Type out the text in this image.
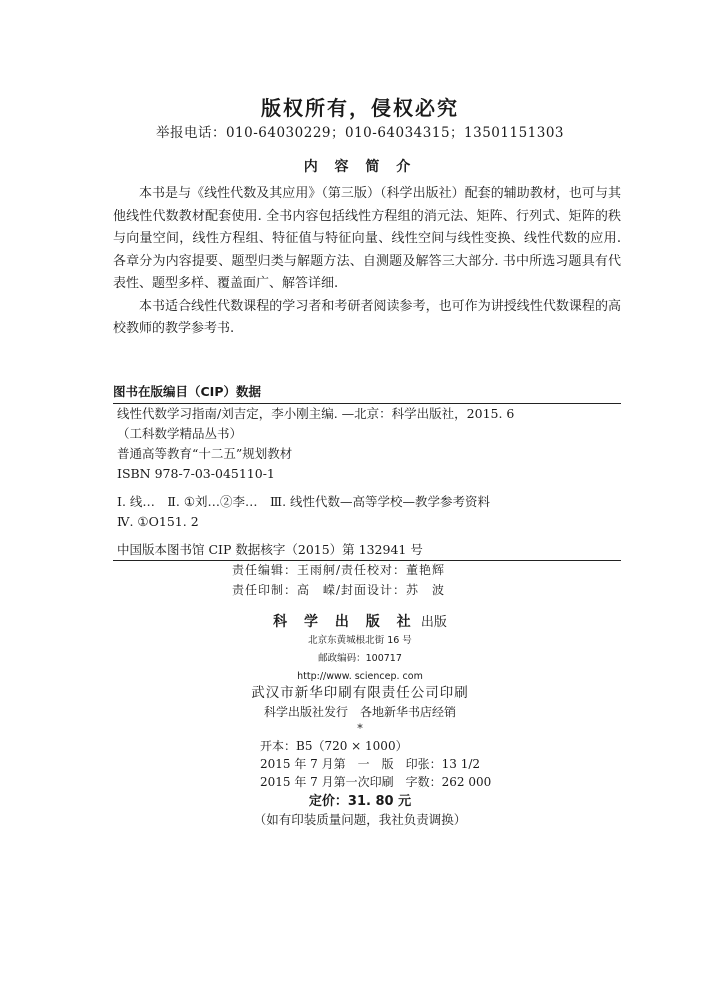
版权所有，侵权必究
举报电话：010-64030229；010-64034315；13501151303
内 容 简 介

本书是与《线性代数及其应用》（第三版）（科学出版社）配套的辅助教材，也可与其他线性代数教材配套使用. 全书内容包括线性方程组的消元法、矩阵、行列式、矩阵的秩与向量空间，线性方程组、特征值与特征向量、线性空间与线性变换、线性代数的应用. 各章分为内容提要、题型归类与解题方法、自测题及解答三大部分. 书中所选习题具有代表性、题型多样、覆盖面广、解答详细.

本书适合线性代数课程的学习者和考研者阅读参考，也可作为讲授线性代数课程的高校教师的教学参考书.

图书在版编目（CIP）数据
线性代数学习指南/刘吉定，李小刚主编. —北京：科学出版社，2015. 6
（工科数学精品丛书）
普通高等教育“十二五”规划教材
ISBN 978-7-03-045110-1
Ⅰ. 线…　Ⅱ. ①刘…②李…　Ⅲ. 线性代数—高等学校—教学参考资料
Ⅳ. ①O151. 2
中国版本图书馆 CIP 数据核字（2015）第 132941 号
责任编辑：王雨舸/责任校对：董艳辉
责任印制：高　嵘/封面设计：苏　波
科 学 出 版 社 出版
北京东黄城根北街 16 号
邮政编码：100717
http://www. sciencep. com
武汉市新华印刷有限责任公司印刷
科学出版社发行　各地新华书店经销
*
开本：B5（720 × 1000）
2015 年 7 月第　一　版　印张：13 1/2
2015 年 7 月第一次印刷　字数：262 000
定价：31. 80 元
（如有印装质量问题，我社负责调换）
